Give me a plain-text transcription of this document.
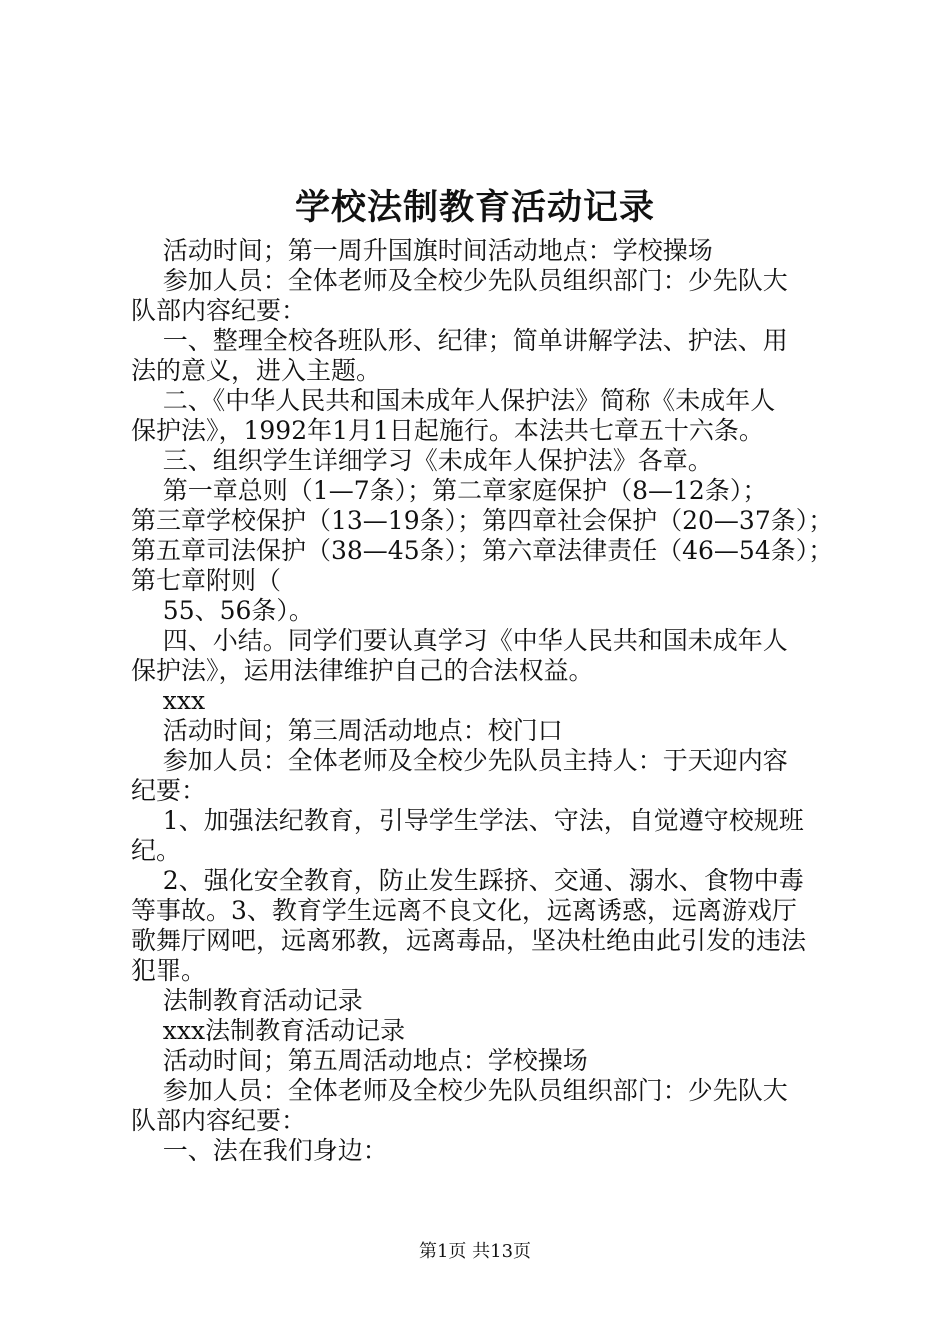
学校法制教育活动记录
活动时间；第一周升国旗时间活动地点：学校操场
参加人员：全体老师及全校少先队员组织部门：少先队大
队部内容纪要：
一、整理全校各班队形、纪律；简单讲解学法、护法、用
法的意义，进入主题。
二、《中华人民共和国未成年人保护法》简称《未成年人
保护法》，1992年1月1日起施行。本法共七章五十六条。
三、组织学生详细学习《未成年人保护法》各章。
第一章总则（1—7条）；第二章家庭保护（8—12条）；
第三章学校保护（13—19条）；第四章社会保护（20—37条）；
第五章司法保护（38—45条）；第六章法律责任（46—54条）；
第七章附则（
55、56条）。
四、小结。同学们要认真学习《中华人民共和国未成年人
保护法》，运用法律维护自己的合法权益。
xxx
活动时间；第三周活动地点：校门口
参加人员：全体老师及全校少先队员主持人：于天迎内容
纪要：
1、加强法纪教育，引导学生学法、守法，自觉遵守校规班
纪。
2、强化安全教育，防止发生踩挤、交通、溺水、食物中毒
等事故。3、教育学生远离不良文化，远离诱惑，远离游戏厅
歌舞厅网吧，远离邪教，远离毒品，坚决杜绝由此引发的违法
犯罪。
法制教育活动记录
xxx法制教育活动记录
活动时间；第五周活动地点：学校操场
参加人员：全体老师及全校少先队员组织部门：少先队大
队部内容纪要：
一、法在我们身边：
第1页 共13页
